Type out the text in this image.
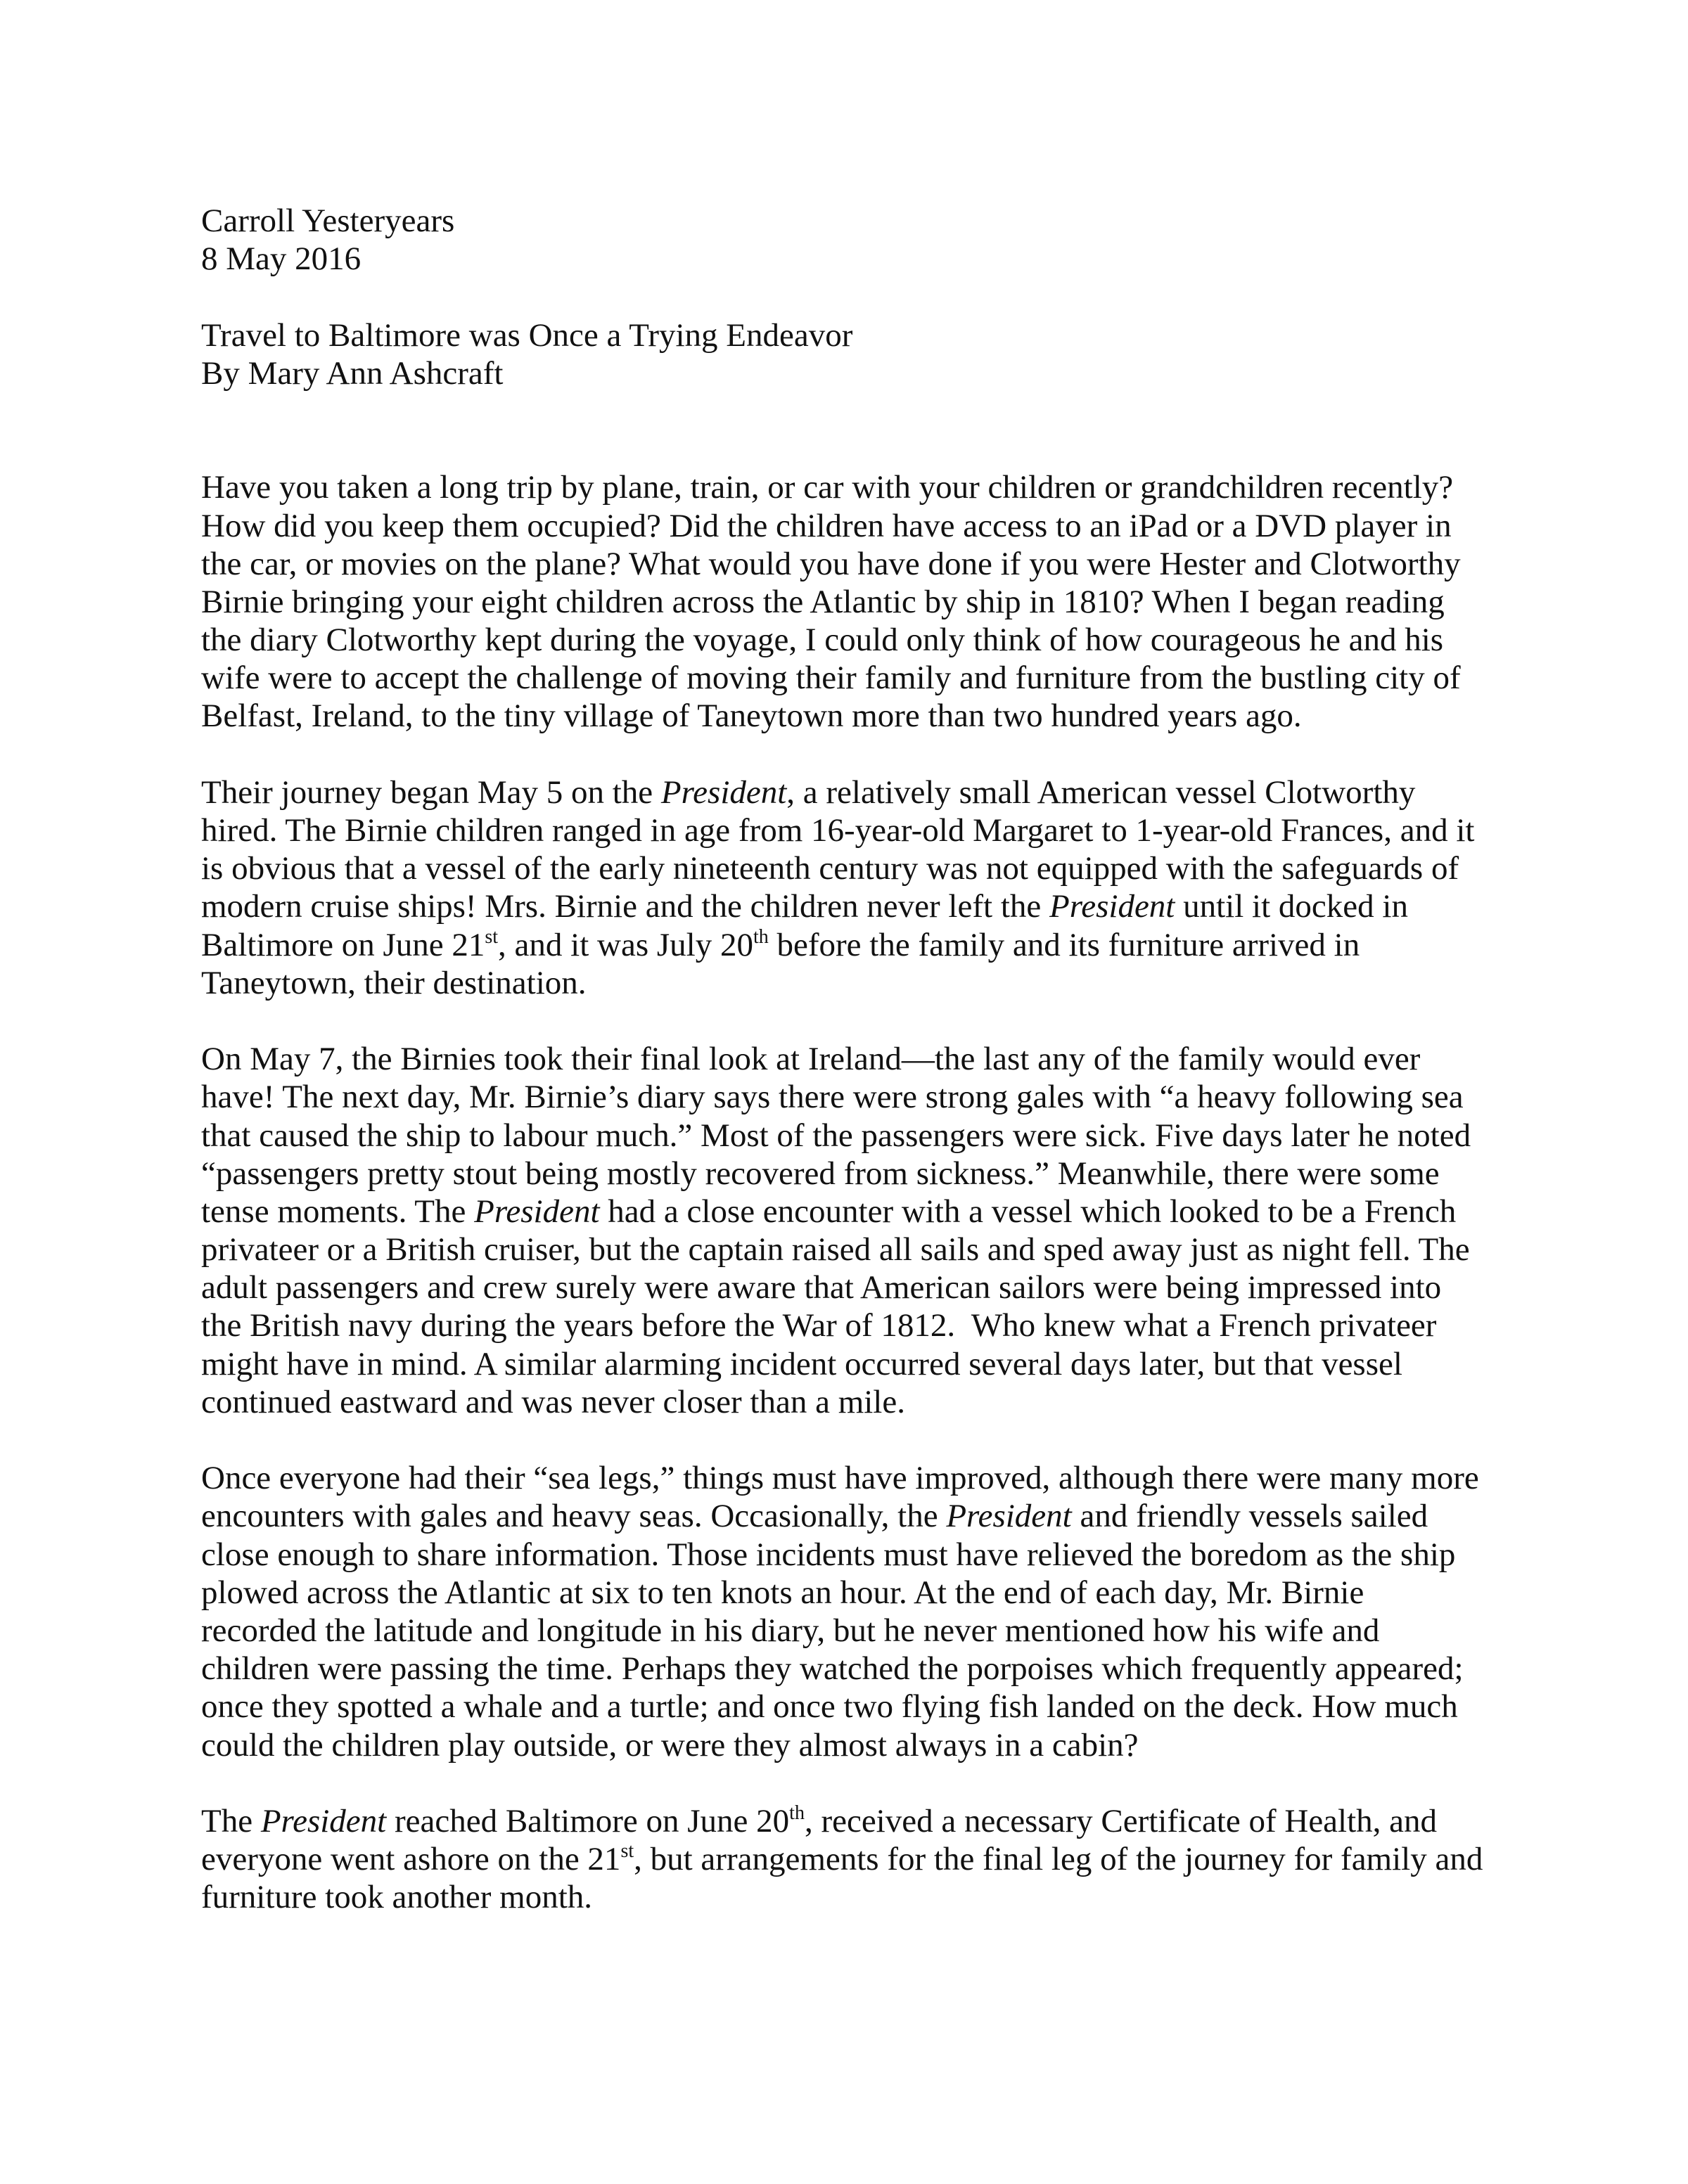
Carroll Yesteryears
8 May 2016
Travel to Baltimore was Once a Trying Endeavor
By Mary Ann Ashcraft
Have you taken a long trip by plane, train, or car with your children or grandchildren recently?
How did you keep them occupied? Did the children have access to an iPad or a DVD player in
the car, or movies on the plane? What would you have done if you were Hester and Clotworthy
Birnie bringing your eight children across the Atlantic by ship in 1810? When I began reading
the diary Clotworthy kept during the voyage, I could only think of how courageous he and his
wife were to accept the challenge of moving their family and furniture from the bustling city of
Belfast, Ireland, to the tiny village of Taneytown more than two hundred years ago.
Their journey began May 5 on the President, a relatively small American vessel Clotworthy
hired. The Birnie children ranged in age from 16-year-old Margaret to 1-year-old Frances, and it
is obvious that a vessel of the early nineteenth century was not equipped with the safeguards of
modern cruise ships! Mrs. Birnie and the children never left the President until it docked in
Baltimore on June 21st, and it was July 20th before the family and its furniture arrived in
Taneytown, their destination.
On May 7, the Birnies took their final look at Ireland—the last any of the family would ever
have! The next day, Mr. Birnie’s diary says there were strong gales with “a heavy following sea
that caused the ship to labour much.” Most of the passengers were sick. Five days later he noted
“passengers pretty stout being mostly recovered from sickness.” Meanwhile, there were some
tense moments. The President had a close encounter with a vessel which looked to be a French
privateer or a British cruiser, but the captain raised all sails and sped away just as night fell. The
adult passengers and crew surely were aware that American sailors were being impressed into
the British navy during the years before the War of 1812.  Who knew what a French privateer
might have in mind. A similar alarming incident occurred several days later, but that vessel
continued eastward and was never closer than a mile.
Once everyone had their “sea legs,” things must have improved, although there were many more
encounters with gales and heavy seas. Occasionally, the President and friendly vessels sailed
close enough to share information. Those incidents must have relieved the boredom as the ship
plowed across the Atlantic at six to ten knots an hour. At the end of each day, Mr. Birnie
recorded the latitude and longitude in his diary, but he never mentioned how his wife and
children were passing the time. Perhaps they watched the porpoises which frequently appeared;
once they spotted a whale and a turtle; and once two flying fish landed on the deck. How much
could the children play outside, or were they almost always in a cabin?
The President reached Baltimore on June 20th, received a necessary Certificate of Health, and
everyone went ashore on the 21st, but arrangements for the final leg of the journey for family and
furniture took another month.
